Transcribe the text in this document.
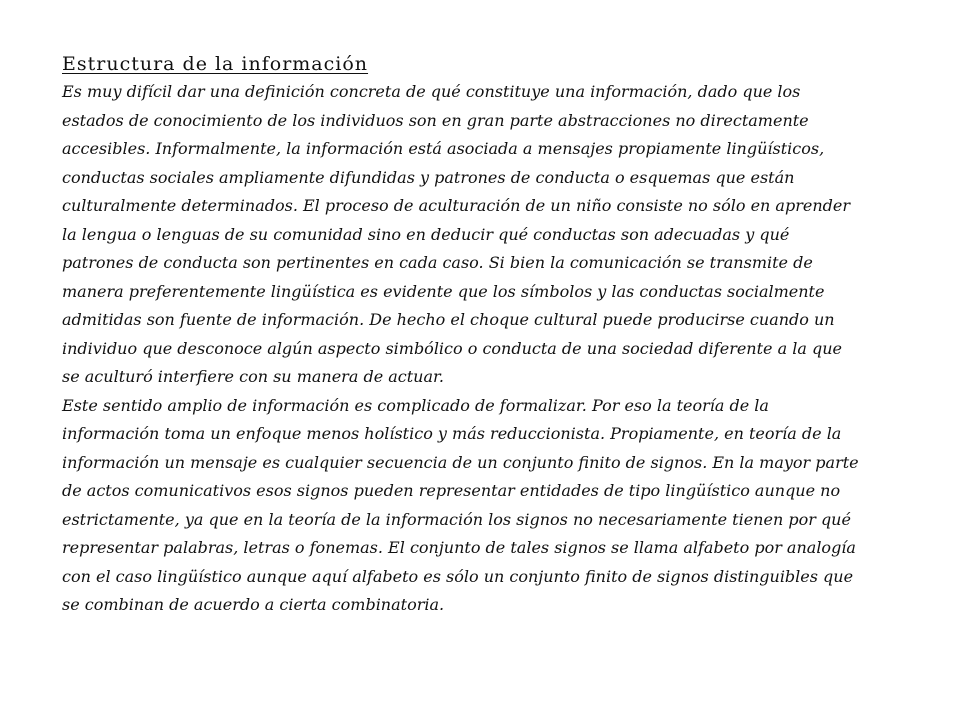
Estructura de la información

Es muy difícil dar una definición concreta de qué constituye una información, dado que los estados de conocimiento de los individuos son en gran parte abstracciones no directamente accesibles. Informalmente, la información está asociada a mensajes propiamente lingüísticos, conductas sociales ampliamente difundidas y patrones de conducta o esquemas que están culturalmente determinados. El proceso de aculturación de un niño consiste no sólo en aprender la lengua o lenguas de su comunidad sino en deducir qué conductas son adecuadas y qué patrones de conducta son pertinentes en cada caso. Si bien la comunicación se transmite de manera preferentemente lingüística es evidente que los símbolos y las conductas socialmente admitidas son fuente de información. De hecho el choque cultural puede producirse cuando un individuo que desconoce algún aspecto simbólico o conducta de una sociedad diferente a la que se aculturó interfiere con su manera de actuar.

Este sentido amplio de información es complicado de formalizar. Por eso la teoría de la información toma un enfoque menos holístico y más reduccionista. Propiamente, en teoría de la información un mensaje es cualquier secuencia de un conjunto finito de signos. En la mayor parte de actos comunicativos esos signos pueden representar entidades de tipo lingüístico aunque no estrictamente, ya que en la teoría de la información los signos no necesariamente tienen por qué representar palabras, letras o fonemas. El conjunto de tales signos se llama alfabeto por analogía con el caso lingüístico aunque aquí alfabeto es sólo un conjunto finito de signos distinguibles que se combinan de acuerdo a cierta combinatoria.
